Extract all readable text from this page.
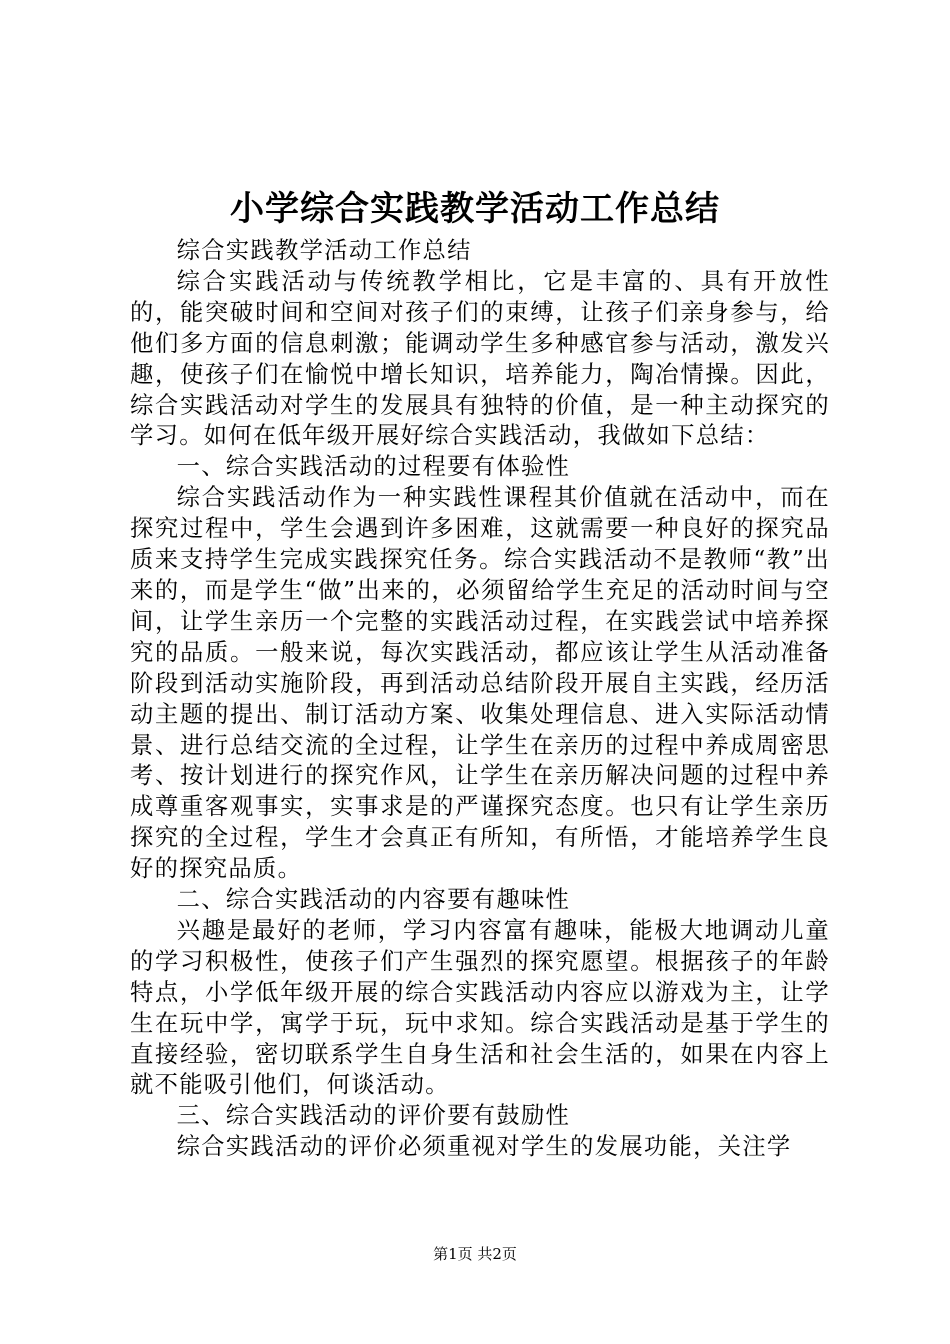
小学综合实践教学活动工作总结

综合实践教学活动工作总结

综合实践活动与传统教学相比，它是丰富的、具有开放性的，能突破时间和空间对孩子们的束缚，让孩子们亲身参与，给他们多方面的信息刺激；能调动学生多种感官参与活动，激发兴趣，使孩子们在愉悦中增长知识，培养能力，陶冶情操。因此，综合实践活动对学生的发展具有独特的价值，是一种主动探究的学习。如何在低年级开展好综合实践活动，我做如下总结：

一、综合实践活动的过程要有体验性

综合实践活动作为一种实践性课程其价值就在活动中，而在探究过程中，学生会遇到许多困难，这就需要一种良好的探究品质来支持学生完成实践探究任务。综合实践活动不是教师“教”出来的，而是学生“做”出来的，必须留给学生充足的活动时间与空间，让学生亲历一个完整的实践活动过程，在实践尝试中培养探究的品质。一般来说，每次实践活动，都应该让学生从活动准备阶段到活动实施阶段，再到活动总结阶段开展自主实践，经历活动主题的提出、制订活动方案、收集处理信息、进入实际活动情景、进行总结交流的全过程，让学生在亲历的过程中养成周密思考、按计划进行的探究作风，让学生在亲历解决问题的过程中养成尊重客观事实，实事求是的严谨探究态度。也只有让学生亲历探究的全过程，学生才会真正有所知，有所悟，才能培养学生良好的探究品质。

二、综合实践活动的内容要有趣味性

兴趣是最好的老师，学习内容富有趣味，能极大地调动儿童的学习积极性，使孩子们产生强烈的探究愿望。根据孩子的年龄特点，小学低年级开展的综合实践活动内容应以游戏为主，让学生在玩中学，寓学于玩，玩中求知。综合实践活动是基于学生的直接经验，密切联系学生自身生活和社会生活的，如果在内容上就不能吸引他们，何谈活动。

三、综合实践活动的评价要有鼓励性

综合实践活动的评价必须重视对学生的发展功能，关注学

第1页 共2页
